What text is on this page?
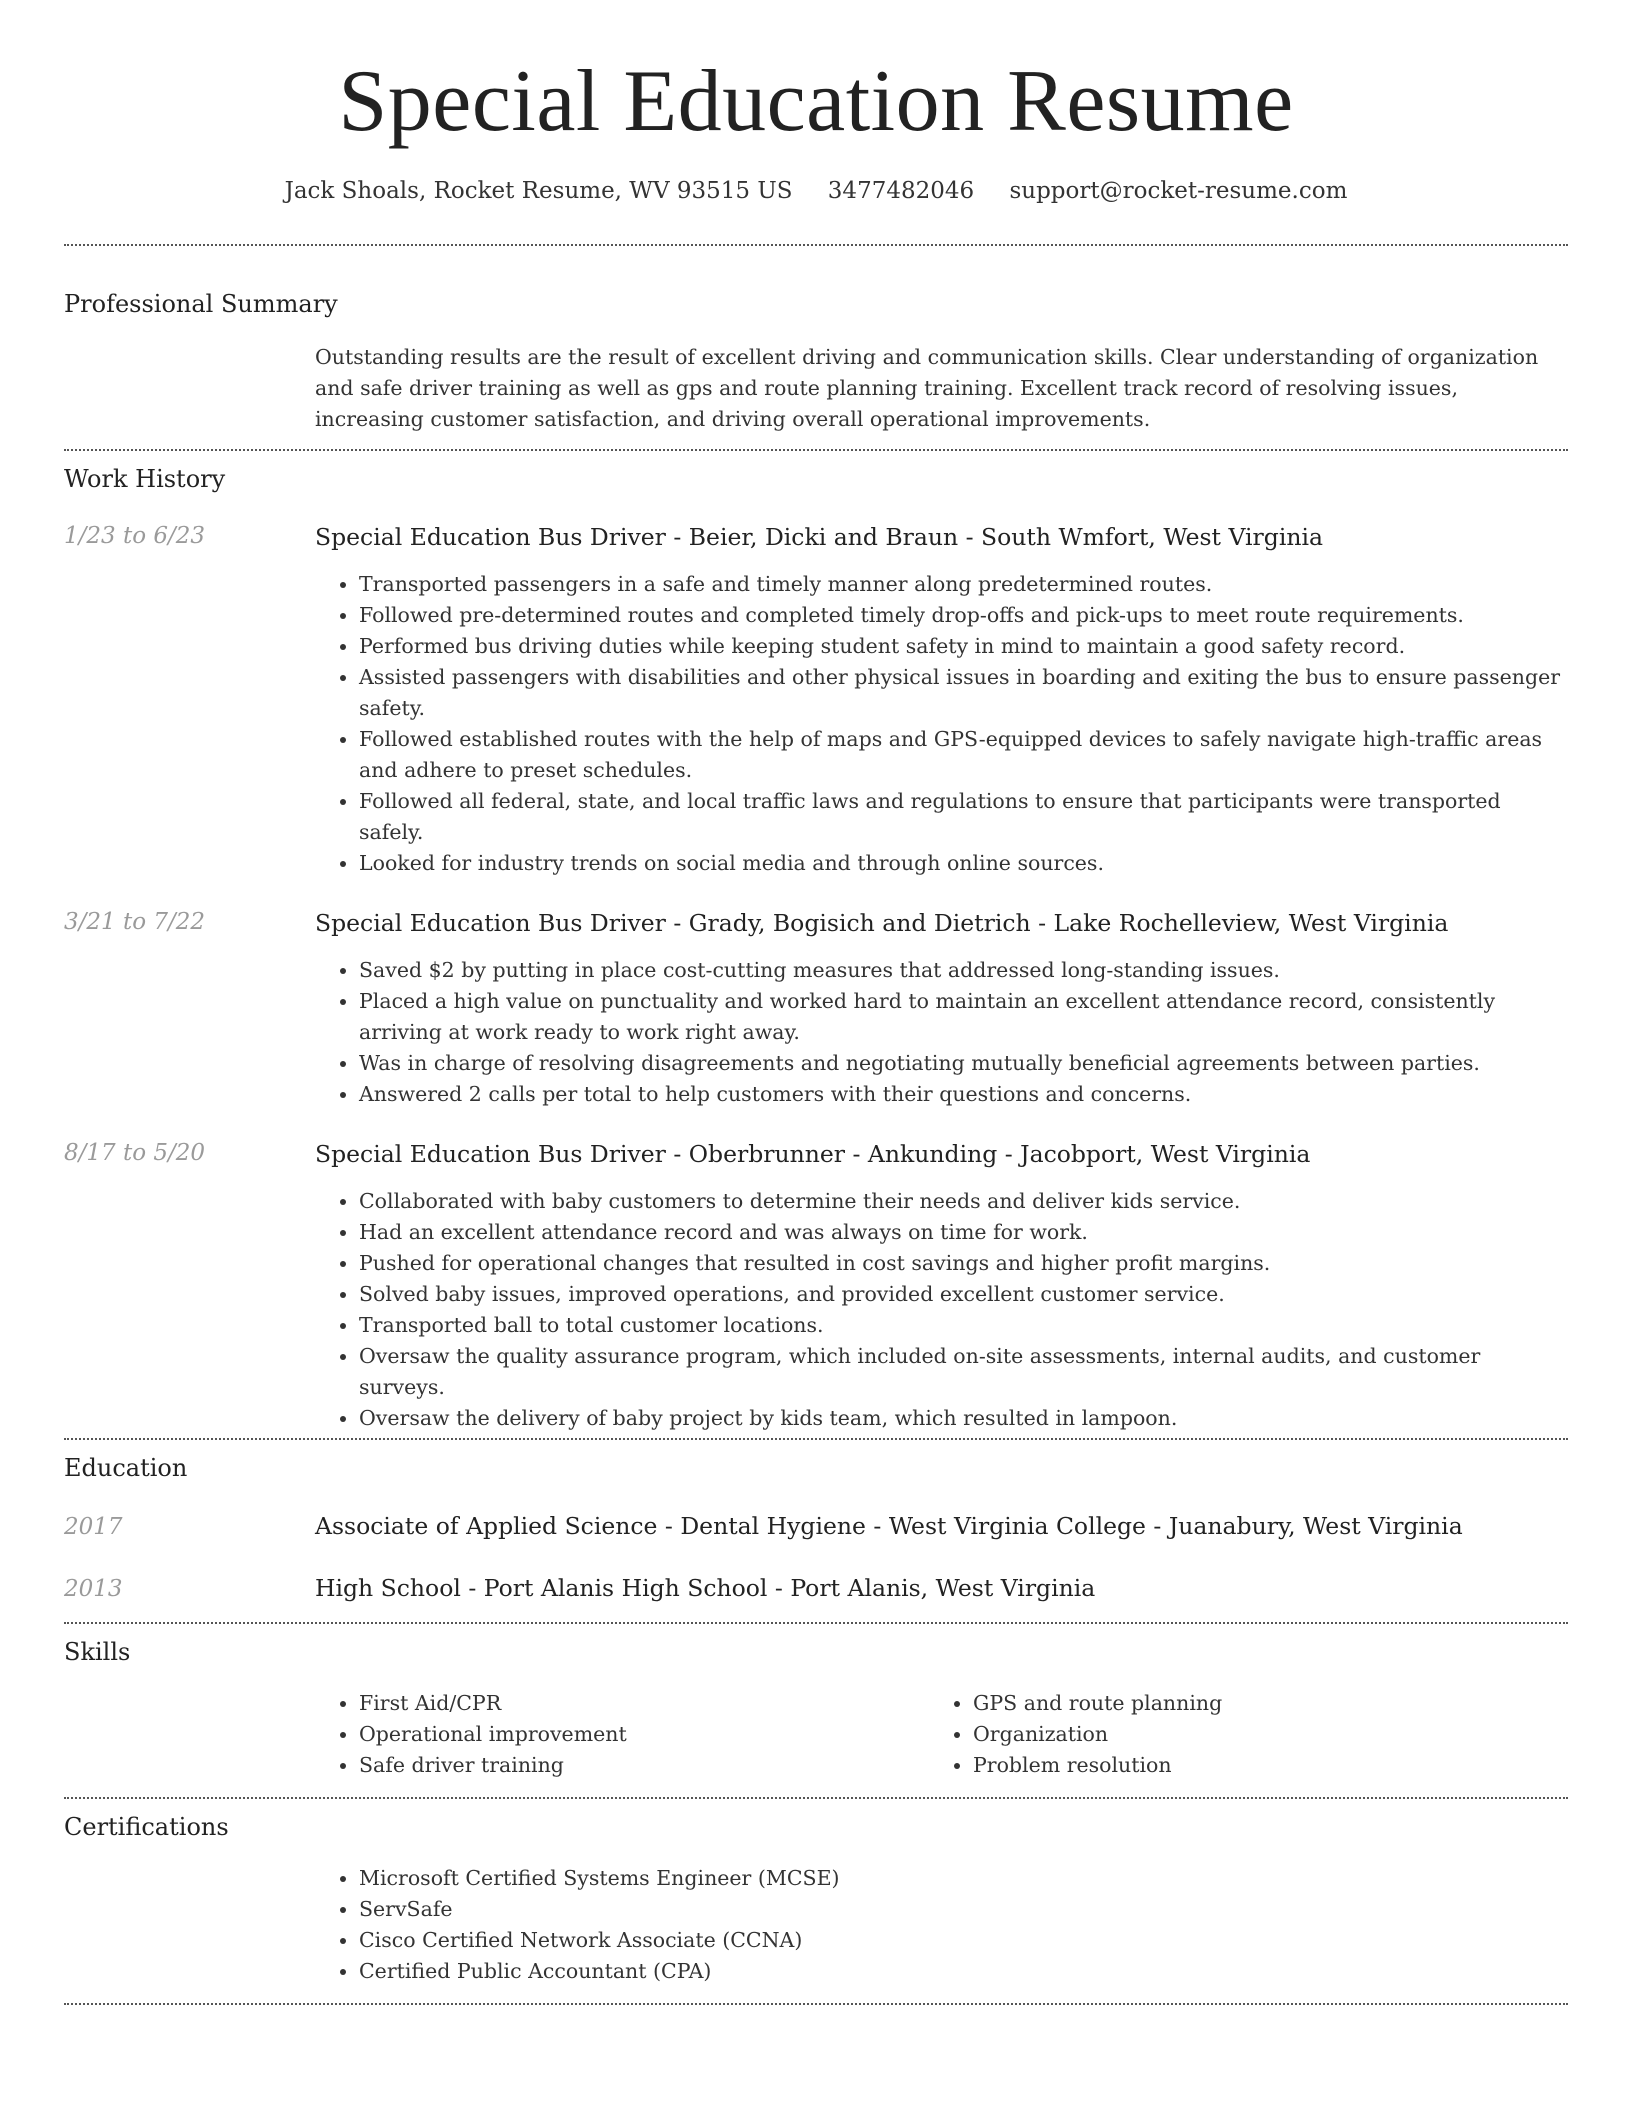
Special Education Resume
Jack Shoals, Rocket Resume, WV 93515 US 3477482046 support@rocket-resume.com
Professional Summary
Outstanding results are the result of excellent driving and communication skills. Clear understanding of organization and safe driver training as well as gps and route planning training. Excellent track record of resolving issues, increasing customer satisfaction, and driving overall operational improvements.
Work History
1/23 to 6/23	Special Education Bus Driver - Beier, Dicki and Braun - South Wmfort, West Virginia
• Transported passengers in a safe and timely manner along predetermined routes.
• Followed pre-determined routes and completed timely drop-offs and pick-ups to meet route requirements.
• Performed bus driving duties while keeping student safety in mind to maintain a good safety record.
• Assisted passengers with disabilities and other physical issues in boarding and exiting the bus to ensure passenger safety.
• Followed established routes with the help of maps and GPS-equipped devices to safely navigate high-traffic areas and adhere to preset schedules.
• Followed all federal, state, and local traffic laws and regulations to ensure that participants were transported safely.
• Looked for industry trends on social media and through online sources.
3/21 to 7/22	Special Education Bus Driver - Grady, Bogisich and Dietrich - Lake Rochelleview, West Virginia
• Saved $2 by putting in place cost-cutting measures that addressed long-standing issues.
• Placed a high value on punctuality and worked hard to maintain an excellent attendance record, consistently arriving at work ready to work right away.
• Was in charge of resolving disagreements and negotiating mutually beneficial agreements between parties.
• Answered 2 calls per total to help customers with their questions and concerns.
8/17 to 5/20	Special Education Bus Driver - Oberbrunner - Ankunding - Jacobport, West Virginia
• Collaborated with baby customers to determine their needs and deliver kids service.
• Had an excellent attendance record and was always on time for work.
• Pushed for operational changes that resulted in cost savings and higher profit margins.
• Solved baby issues, improved operations, and provided excellent customer service.
• Transported ball to total customer locations.
• Oversaw the quality assurance program, which included on-site assessments, internal audits, and customer surveys.
• Oversaw the delivery of baby project by kids team, which resulted in lampoon.
Education
2017	Associate of Applied Science - Dental Hygiene - West Virginia College - Juanabury, West Virginia
2013	High School - Port Alanis High School - Port Alanis, West Virginia
Skills
• First Aid/CPR
• Operational improvement
• Safe driver training
• GPS and route planning
• Organization
• Problem resolution
Certifications
• Microsoft Certified Systems Engineer (MCSE)
• ServSafe
• Cisco Certified Network Associate (CCNA)
• Certified Public Accountant (CPA)
